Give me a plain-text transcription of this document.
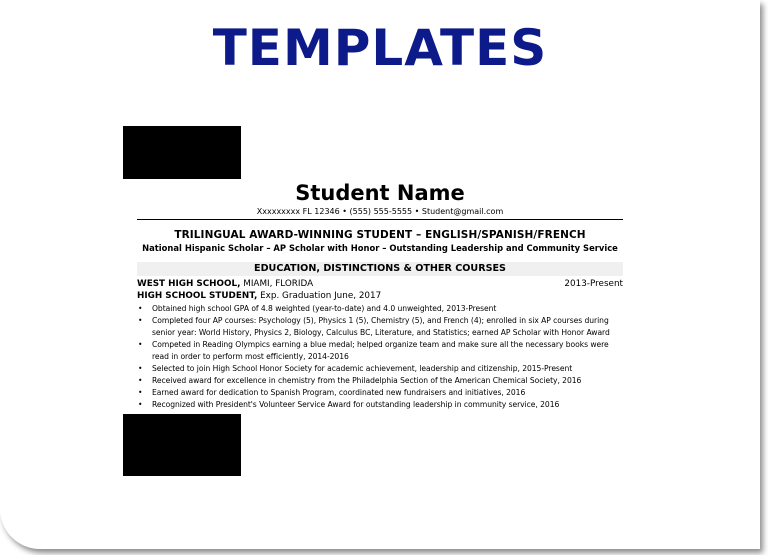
TEMPLATES
Student Name
Xxxxxxxxx FL 12346 • (555) 555-5555 • Student@gmail.com
TRILINGUAL AWARD-WINNING STUDENT – ENGLISH/SPANISH/FRENCH
National Hispanic Scholar – AP Scholar with Honor – Outstanding Leadership and Community Service
EDUCATION, DISTINCTIONS & OTHER COURSES
WEST HIGH SCHOOL, MIAMI, FLORIDA	2013-Present
HIGH SCHOOL STUDENT, Exp. Graduation June, 2017
• Obtained high school GPA of 4.8 weighted (year-to-date) and 4.0 unweighted, 2013-Present
• Completed four AP courses: Psychology (5), Physics 1 (5), Chemistry (5), and French (4); enrolled in six AP courses during senior year: World History, Physics 2, Biology, Calculus BC, Literature, and Statistics; earned AP Scholar with Honor Award
• Competed in Reading Olympics earning a blue medal; helped organize team and make sure all the necessary books were read in order to perform most efficiently, 2014-2016
• Selected to join High School Honor Society for academic achievement, leadership and citizenship, 2015-Present
• Received award for excellence in chemistry from the Philadelphia Section of the American Chemical Society, 2016
• Earned award for dedication to Spanish Program, coordinated new fundraisers and initiatives, 2016
• Recognized with President's Volunteer Service Award for outstanding leadership in community service, 2016
